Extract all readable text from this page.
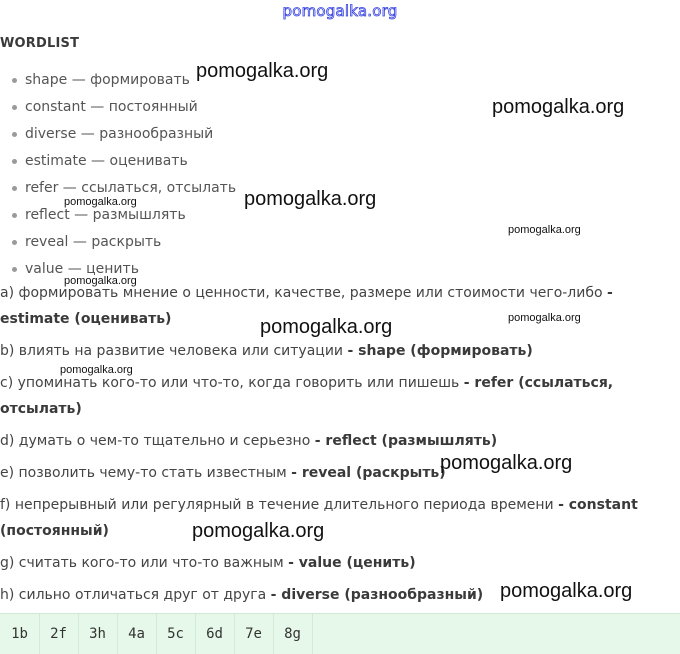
pomogalka.org
WORDLIST
shape — формировать
constant — постоянный
diverse — разнообразный
estimate — оценивать
refer — ссылаться, отсылать
reflect — размышлять
reveal — раскрыть
value — ценить

a) формировать мнение о ценности, качестве, размере или стоимости чего-либо - estimate (оценивать)

b) влиять на развитие человека или ситуации - shape (формировать)

c) упоминать кого-то или что-то, когда говорить или пишешь - refer (ссылаться, отсылать)

d) думать о чем-то тщательно и серьезно - reflect (размышлять)

e) позволить чему-то стать известным - reveal (раскрыть)

f) непрерывный или регулярный в течение длительного периода времени - constant (постоянный)

g) считать кого-то или что-то важным - value (ценить)

h) сильно отличаться друг от друга - diverse (разнообразный)

1b	2f	3h	4a	5c	6d	7e	8g
pomogalka.org
pomogalka.org
pomogalka.org
pomogalka.org
pomogalka.org
pomogalka.org
pomogalka.org	pomogalka.org
pomogalka.org
pomogalka.org
pomogalka.org
pomogalka.org
